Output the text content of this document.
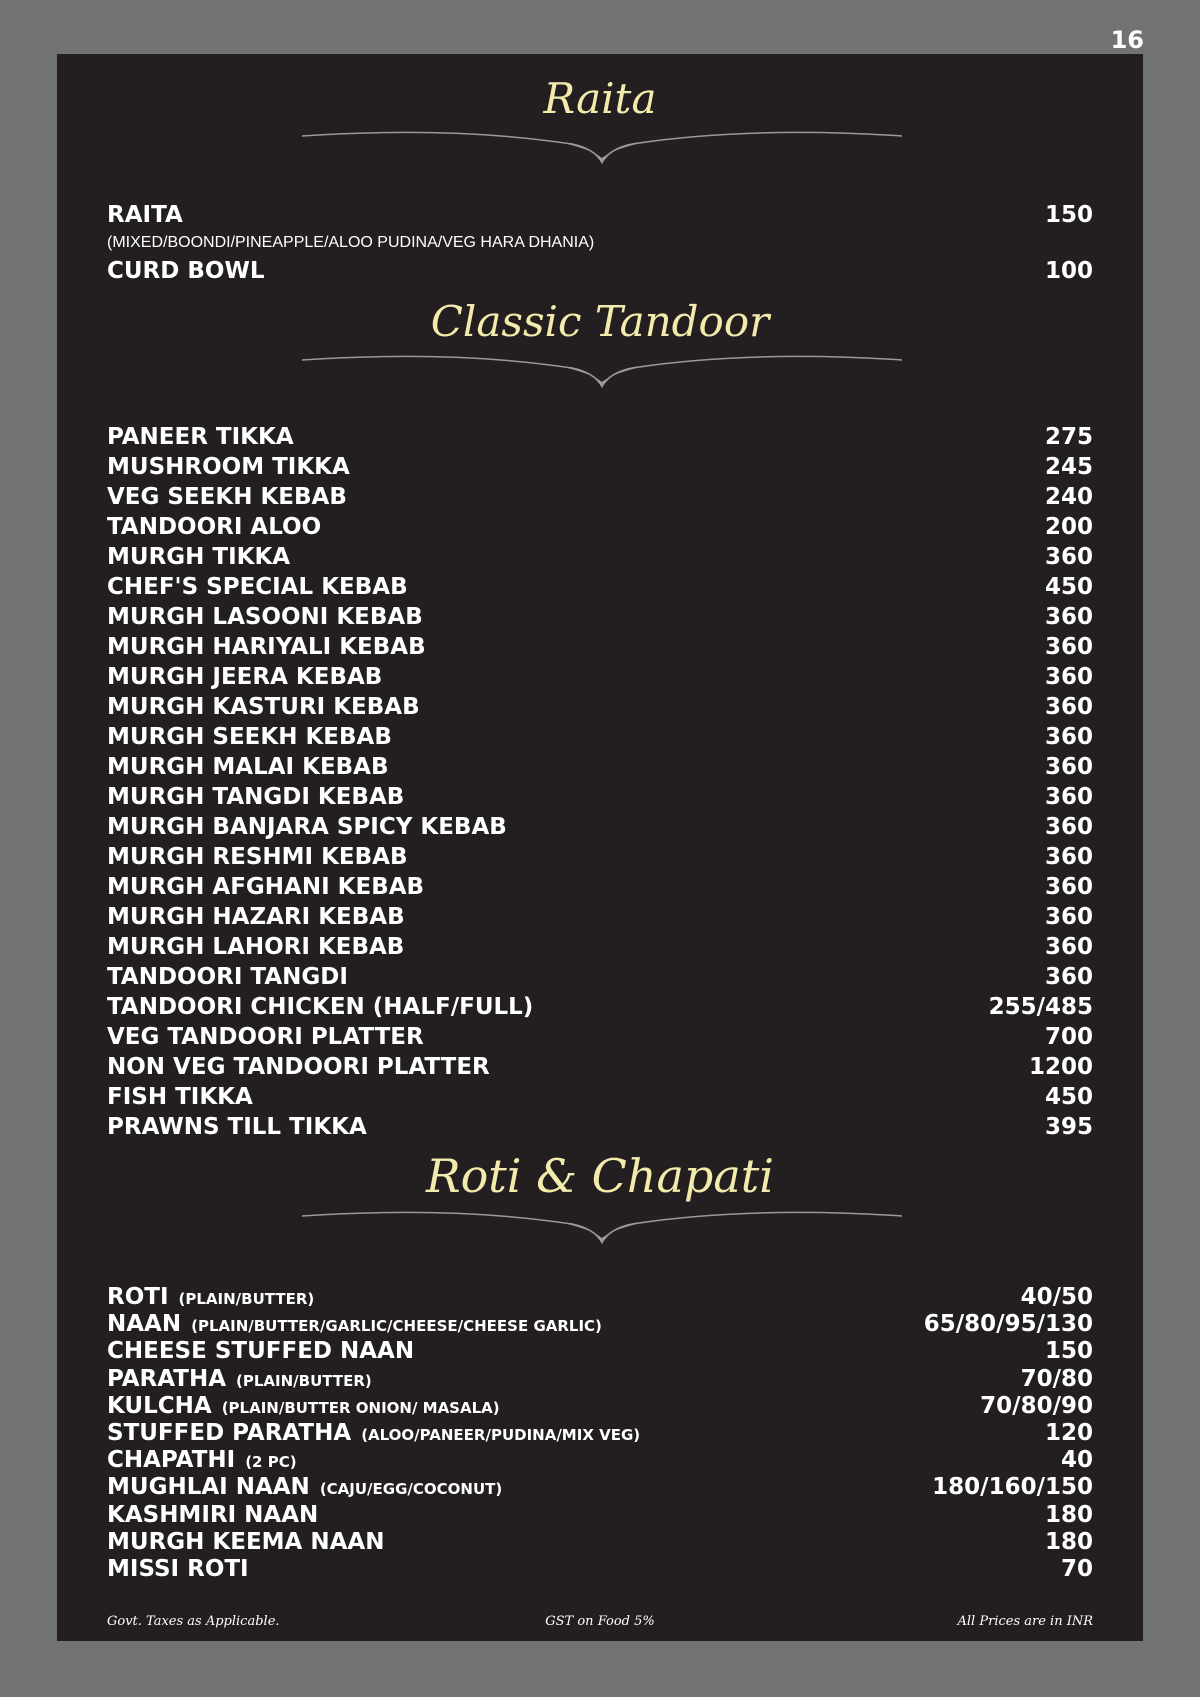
16
Raita
RAITA	150
CURD BOWL	100
(MIXED/BOONDI/PINEAPPLE/ALOO PUDINA/VEG HARA DHANIA)
Classic Tandoor
PANEER TIKKA	275
MUSHROOM TIKKA	245
VEG SEEKH KEBAB	240
TANDOORI ALOO	200
MURGH TIKKA	360
CHEF'S SPECIAL KEBAB	450
MURGH LASOONI KEBAB	360
MURGH HARIYALI KEBAB	360
MURGH JEERA KEBAB	360
MURGH KASTURI KEBAB	360
MURGH SEEKH KEBAB	360
MURGH MALAI KEBAB	360
MURGH TANGDI KEBAB	360
MURGH BANJARA SPICY KEBAB	360
MURGH RESHMI KEBAB	360
MURGH AFGHANI KEBAB	360
MURGH HAZARI KEBAB	360
MURGH LAHORI KEBAB	360
TANDOORI TANGDI	360
TANDOORI CHICKEN (HALF/FULL)	255/485
VEG TANDOORI PLATTER	700
NON VEG TANDOORI PLATTER	1200
FISH TIKKA	450
PRAWNS TILL TIKKA	395
Roti & Chapati
ROTI (PLAIN/BUTTER)	40/50
NAAN (PLAIN/BUTTER/GARLIC/CHEESE/CHEESE GARLIC)	65/80/95/130
CHEESE STUFFED NAAN	150
PARATHA (PLAIN/BUTTER)	70/80
KULCHA (PLAIN/BUTTER ONION/ MASALA)	70/80/90
STUFFED PARATHA (ALOO/PANEER/PUDINA/MIX VEG)	120
CHAPATHI (2 PC)	40
MUGHLAI NAAN (CAJU/EGG/COCONUT)	180/160/150
KASHMIRI NAAN	180
MURGH KEEMA NAAN	180
MISSI ROTI	70
Govt. Taxes as Applicable.	GST on Food 5%	All Prices are in INR
